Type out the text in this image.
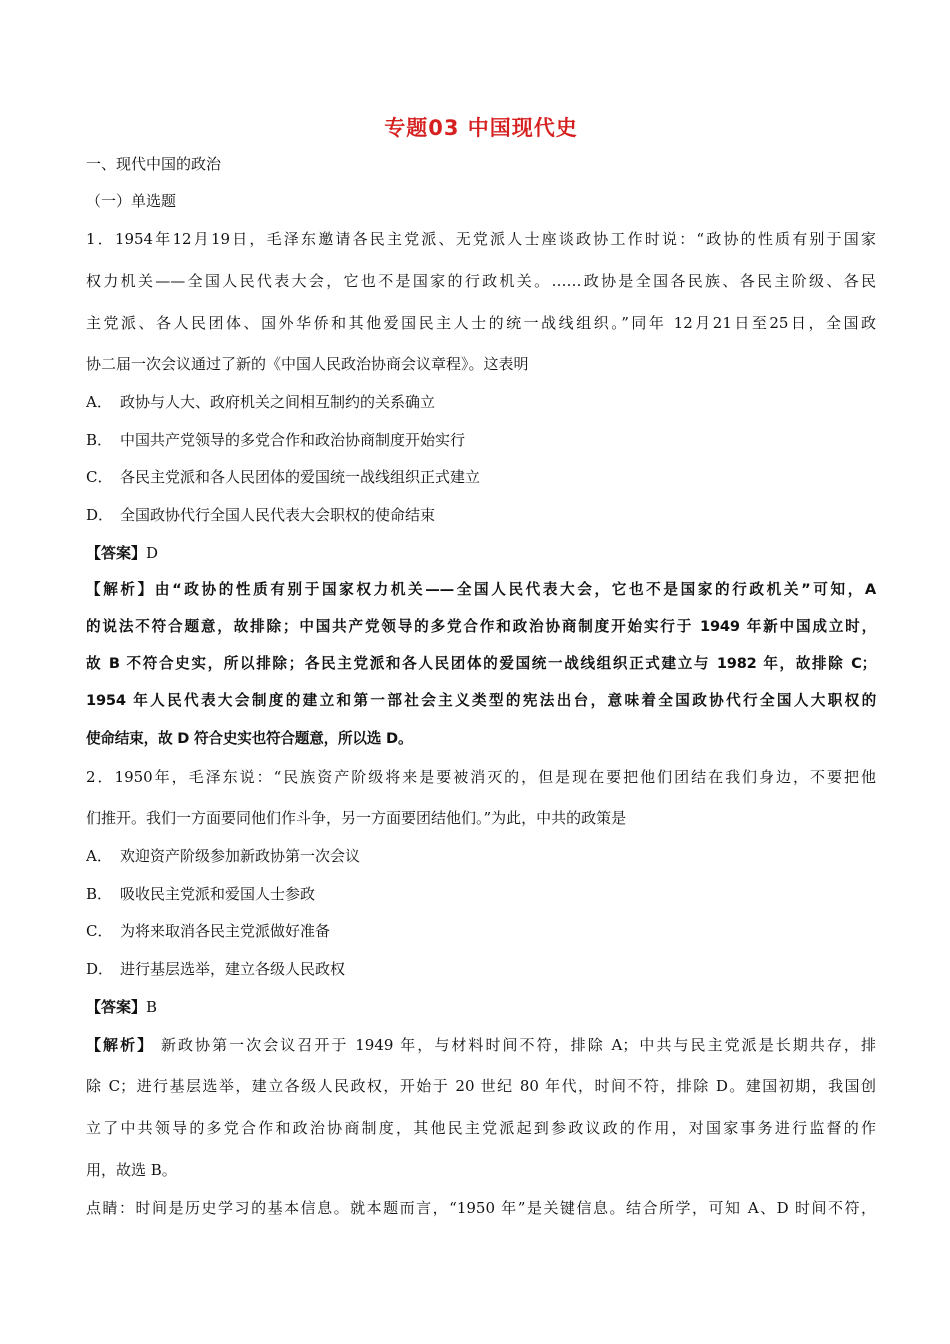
专题03 中国现代史
一、现代中国的政治
（一）单选题
1．1954年12月19日，毛泽东邀请各民主党派、无党派人士座谈政协工作时说：“政协的性质有别于国家
权力机关——全国人民代表大会，它也不是国家的行政机关。……政协是全国各民族、各民主阶级、各民
主党派、各人民团体、国外华侨和其他爱国民主人士的统一战线组织。”同年 12月21日至25日，全国政
协二届一次会议通过了新的《中国人民政治协商会议章程》。这表明
A． 政协与人大、政府机关之间相互制约的关系确立
B． 中国共产党领导的多党合作和政治协商制度开始实行
C． 各民主党派和各人民团体的爱国统一战线组织正式建立
D． 全国政协代行全国人民代表大会职权的使命结束
【答案】D
【解析】由“政协的性质有别于国家权力机关——全国人民代表大会，它也不是国家的行政机关”可知，A
的说法不符合题意，故排除；中国共产党领导的多党合作和政治协商制度开始实行于 1949 年新中国成立时，
故 B 不符合史实，所以排除；各民主党派和各人民团体的爱国统一战线组织正式建立与 1982 年，故排除 C；
1954 年人民代表大会制度的建立和第一部社会主义类型的宪法出台，意味着全国政协代行全国人大职权的
使命结束，故 D 符合史实也符合题意，所以选 D。
2．1950年，毛泽东说：“民族资产阶级将来是要被消灭的，但是现在要把他们团结在我们身边，不要把他
们推开。我们一方面要同他们作斗争，另一方面要团结他们。”为此，中共的政策是
A． 欢迎资产阶级参加新政协第一次会议
B． 吸收民主党派和爱国人士参政
C． 为将来取消各民主党派做好准备
D． 进行基层选举，建立各级人民政权
【答案】B
【解析】 新政协第一次会议召开于 1949 年，与材料时间不符，排除 A；中共与民主党派是长期共存，排
除 C；进行基层选举，建立各级人民政权，开始于 20 世纪 80 年代，时间不符，排除 D。建国初期，我国创
立了中共领导的多党合作和政治协商制度，其他民主党派起到参政议政的作用，对国家事务进行监督的作
用，故选 B。
点睛：时间是历史学习的基本信息。就本题而言，“1950 年”是关键信息。结合所学，可知 A、D 时间不符，
